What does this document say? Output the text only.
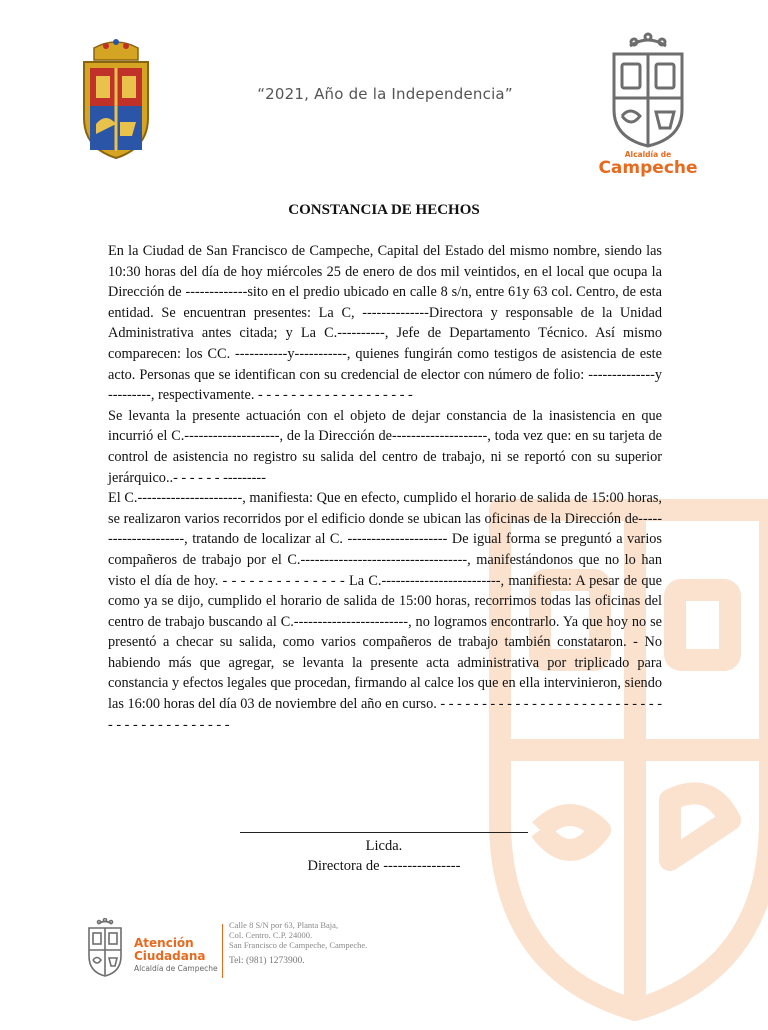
“2021, Año de la Independencia”
Alcaldía de
Campeche
CONSTANCIA DE HECHOS

En la Ciudad de San Francisco de Campeche, Capital del Estado del mismo nombre, siendo las 10:30 horas del día de hoy miércoles 25 de enero de dos mil veintidos, en el local que ocupa la Dirección de -------------sito en el predio ubicado en calle 8 s/n, entre 61y 63 col. Centro, de esta entidad. Se encuentran presentes: La C, --------------Directora y responsable de la Unidad Administrativa antes citada; y La C.----------, Jefe de Departamento Técnico. Así mismo comparecen: los CC. -----------y-----------, quienes fungirán como testigos de asistencia de este acto. Personas que se identifican con su credencial de elector con número de folio: --------------y ---------, respectivamente. - - - - - - - - - - - - - - - - - - -

Se levanta la presente actuación con el objeto de dejar constancia de la inasistencia en que incurrió el C.--------------------, de la Dirección de--------------------, toda vez que: en su tarjeta de control de asistencia no registro su salida del centro de trabajo, ni se reportó con su superior jerárquico..- - - - - - ---------

El C.----------------------, manifiesta: Que en efecto, cumplido el horario de salida de 15:00 horas, se realizaron varios recorridos por el edificio donde se ubican las oficinas de la Dirección de---------------------, tratando de localizar al C. --------------------- De igual forma se preguntó a varios compañeros de trabajo por el C.-----------------------------------, manifestándonos que no lo han visto el día de hoy. - - - - - - - - - - - - - - La C.-------------------------, manifiesta: A pesar de que como ya se dijo, cumplido el horario de salida de 15:00 horas, recorrimos todas las oficinas del centro de trabajo buscando al C.------------------------, no logramos encontrarlo. Ya que hoy no se presentó a checar su salida, como varios compañeros de trabajo también constataron. - No habiendo más que agregar, se levanta la presente acta administrativa por triplicado para constancia y efectos legales que procedan, firmando al calce los que en ella intervinieron, siendo las 16:00 horas del día 03 de noviembre del año en curso. - - - - - - - - - - - - - - - - - - - - - - - - - - - - - - - - - - - - - - - - - -

Licda.
Directora de ----------------
Atención
Ciudadana
Alcaldía de Campeche
Calle 8 S/N por 63, Planta Baja,
Col. Centro. C.P. 24000.
San Francisco de Campeche, Campeche.
Tel: (981) 1273900.
